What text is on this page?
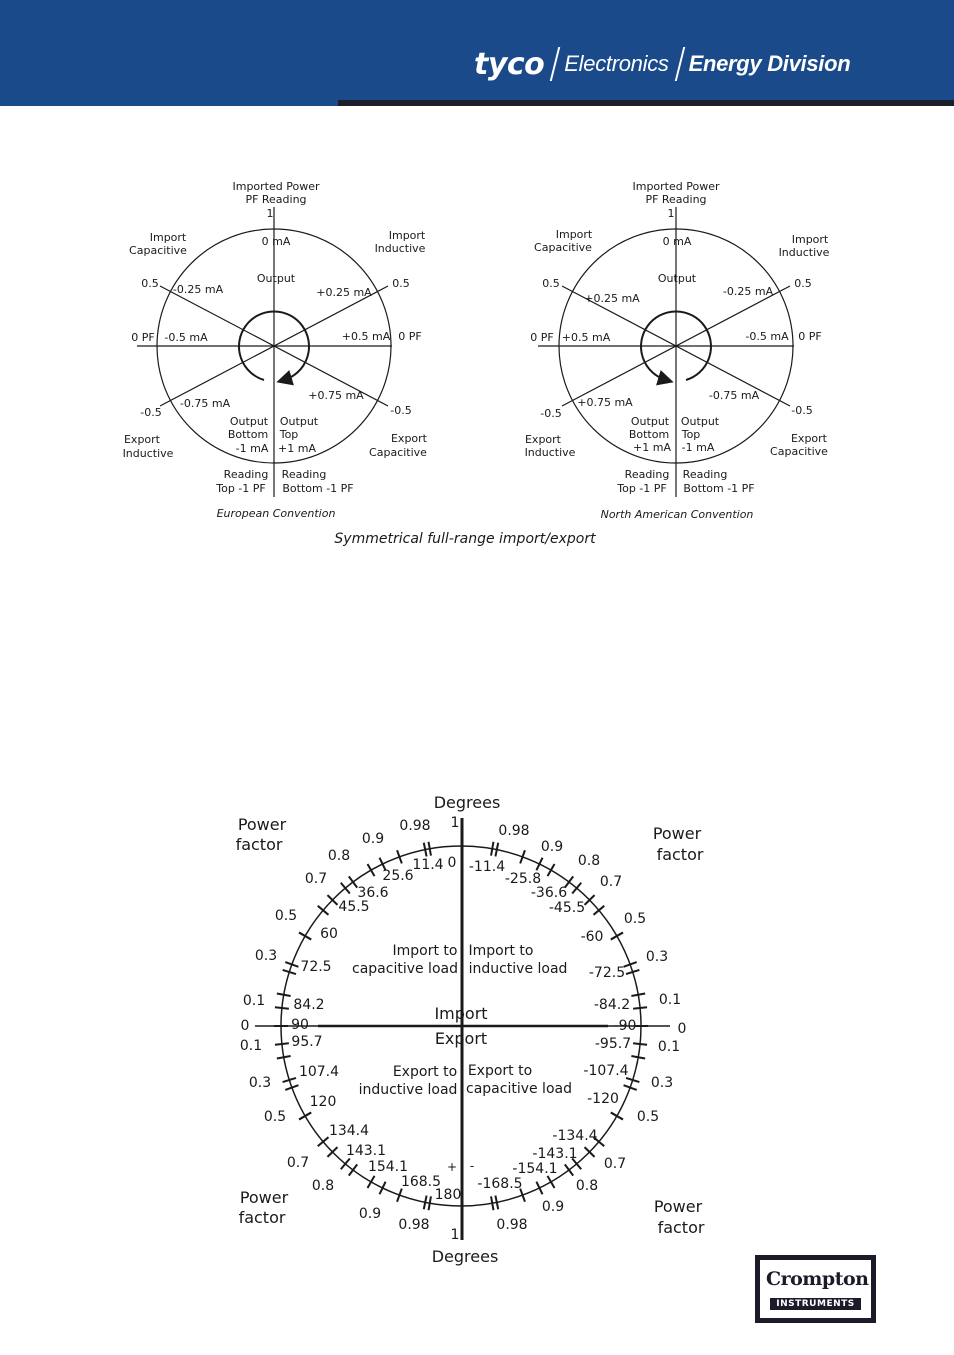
tyco Electronics Energy Division
Imported Power
PF Reading
1
0 mA
Output
Import
Capacitive
Import
Inductive
0.5 -0.25 mA	+0.25 mA
0.5
0 PF -0.5 mA	+0.5 mA 0 PF
+0.75 mA
-0.75 mA
-0.5	-0.5
Output
Bottom
-1 mA
Output
Top
+1 mA
Export
Inductive
Export
Capacitive
Reading
Top -1 PF
Reading
Bottom -1 PF
European Convention
Imported Power
PF Reading
1
0 mA
Output
Import
Capacitive
Import
Inductive
0.5
+0.25 mA
-0.25 mA
0.5
0 PF +0.5 mA	-0.5 mA 0 PF
-0.75 mA
+0.75 mA
-0.5	-0.5
Output
Bottom
+1 mA
Output
Top
-1 mA
Export
Inductive
Export
Capacitive
Reading
Top -1 PF
Reading
Bottom -1 PF
North American Convention
Symmetrical full-range import/export
Degrees
Degrees
Power
factor
Power
factor
Power
factor
Power
factor
Import
Export
Import to
capacitive load
Import to
inductive load
Export to
inductive load
Export to
capacitive load
+ -
1
1
0	0
90	-90
0.98
0.9
0.8
0.7
0.5
0.3
0.1
0.1
0.3
0.5
0.7
0.8
0.9
0.98
0.98
0.9
0.8
0.7
0.5
0.3
0.1
0.1
0.3
0.5
0.7
0.8
0.9
0.98
0
11.4
25.6
36.6
45.5
60
72.5
84.2
-11.4
-25.8
-36.6
-45.5
-60
-72.5
-84.2
95.7
107.4
120
134.4
143.1
154.1
168.5
180
-95.7
-107.4
-120
-134.4
-143.1
-154.1
-168.5
Crompton
INSTRUMENTS
